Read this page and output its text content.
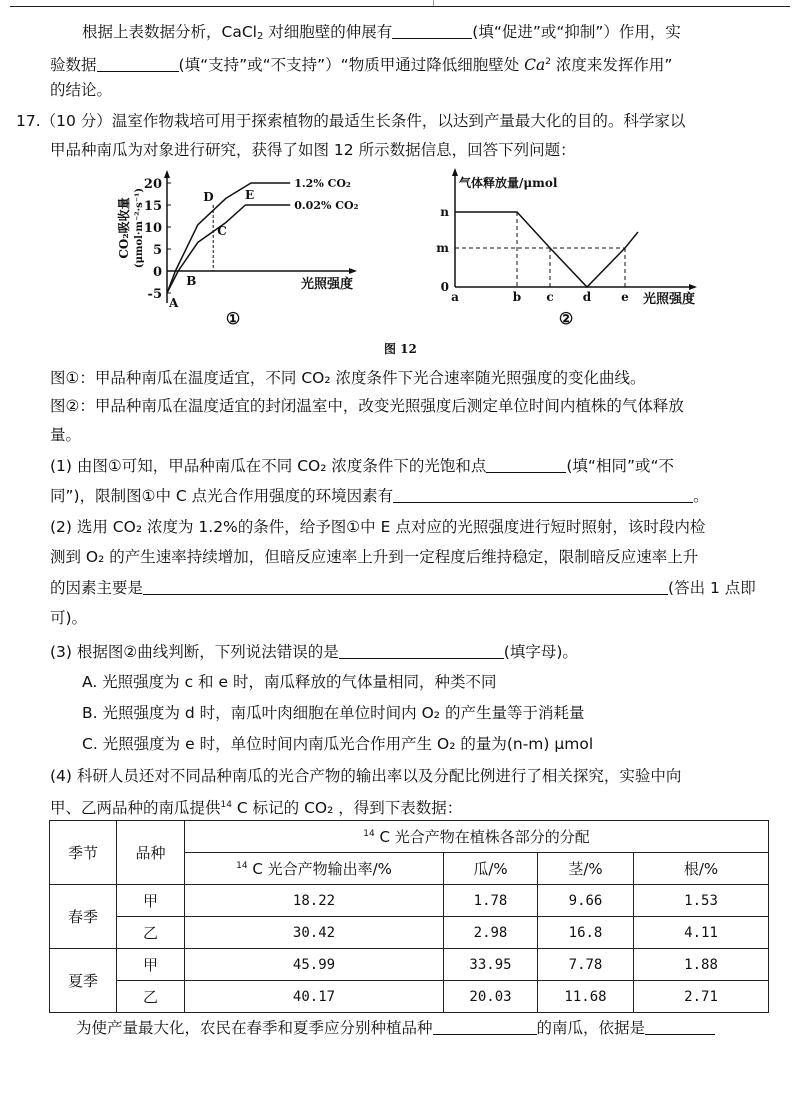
根据上表数据分析，CaCl$_2$ 对细胞壁的伸展有	(填“促进”或“抑制”）作用，实
验数据	(填“支持”或“不支持”）“物质甲通过降低细胞壁处 Ca$^2$ 浓度来发挥作用”
的结论。
17.（10 分）温室作物栽培可用于探索植物的最适生长条件，以达到产量最大化的目的。科学家以
甲品种南瓜为对象进行研究，获得了如图 12 所示数据信息，回答下列问题：
20
15
10
5
0
-5
CO₂吸收量 (μmol·m⁻²·s⁻¹)
光照强度
1.2% CO₂
0.02% CO₂
A
B
C
D	E
①
气体释放量/μmol
n
m
0
a	b c d e 光照强度
②
图 12
图①：甲品种南瓜在温度适宜，不同 CO₂ 浓度条件下光合速率随光照强度的变化曲线。
图②：甲品种南瓜在温度适宜的封闭温室中，改变光照强度后测定单位时间内植株的气体释放
量。
(1) 由图①可知，甲品种南瓜在不同 CO₂ 浓度条件下的光饱和点	(填“相同”或“不
同”)，限制图①中 C 点光合作用强度的环境因素有	。
(2) 选用 CO₂ 浓度为 1.2%的条件，给予图①中 E 点对应的光照强度进行短时照射，该时段内检
测到 O₂ 的产生速率持续增加，但暗反应速率上升到一定程度后维持稳定，限制暗反应速率上升
的因素主要是	(答出 1 点即
可)。
(3) 根据图②曲线判断，下列说法错误的是	(填字母)。
A. 光照强度为 c 和 e 时，南瓜释放的气体量相同，种类不同
B. 光照强度为 d 时，南瓜叶肉细胞在单位时间内 O₂ 的产生量等于消耗量
C. 光照强度为 e 时，单位时间内南瓜光合作用产生 O₂ 的量为(n-m) μmol
(4) 科研人员还对不同品种南瓜的光合产物的输出率以及分配比例进行了相关探究，实验中向
甲、乙两品种的南瓜提供$^{14}$ C 标记的 CO₂ ，得到下表数据：
季节	品种	$^{14}$ C 光合产物在植株各部分的分配			
		$^{14}$ C 光合产物输出率/%	瓜/%	茎/%	根/%
春季	甲	18.22	1.78	9.66	1.53
	乙	30.42	2.98	16.8	4.11
夏季	甲	45.99	33.95	7.78	1.88
	乙	40.17	20.03	11.68	2.71
为使产量最大化，农民在春季和夏季应分别种植品种	的南瓜，依据是
